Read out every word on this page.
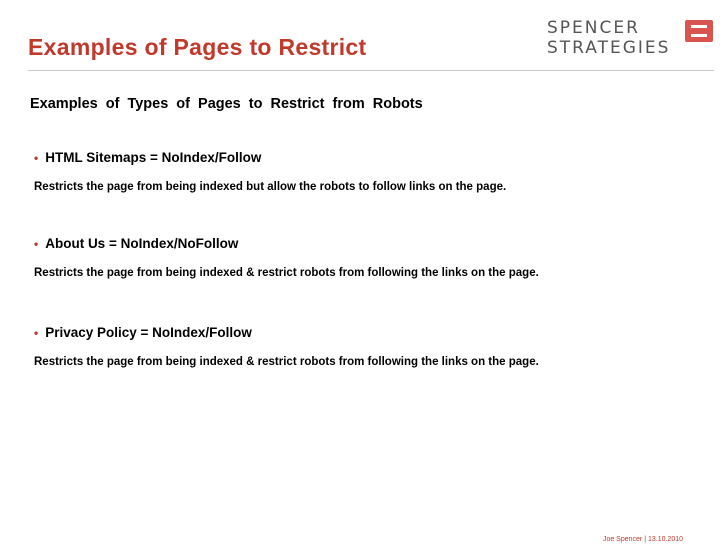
Examples of Pages to Restrict
SPENCER
STRATEGIES
Examples of Types of Pages to Restrict from Robots
• HTML Sitemaps = NoIndex/Follow
Restricts the page from being indexed but allow the robots to follow links on the page.
• About Us = NoIndex/NoFollow
Restricts the page from being indexed & restrict robots from following the links on the page.
• Privacy Policy = NoIndex/Follow
Restricts the page from being indexed & restrict robots from following the links on the page.
Joe Spencer | 13.10.2010
